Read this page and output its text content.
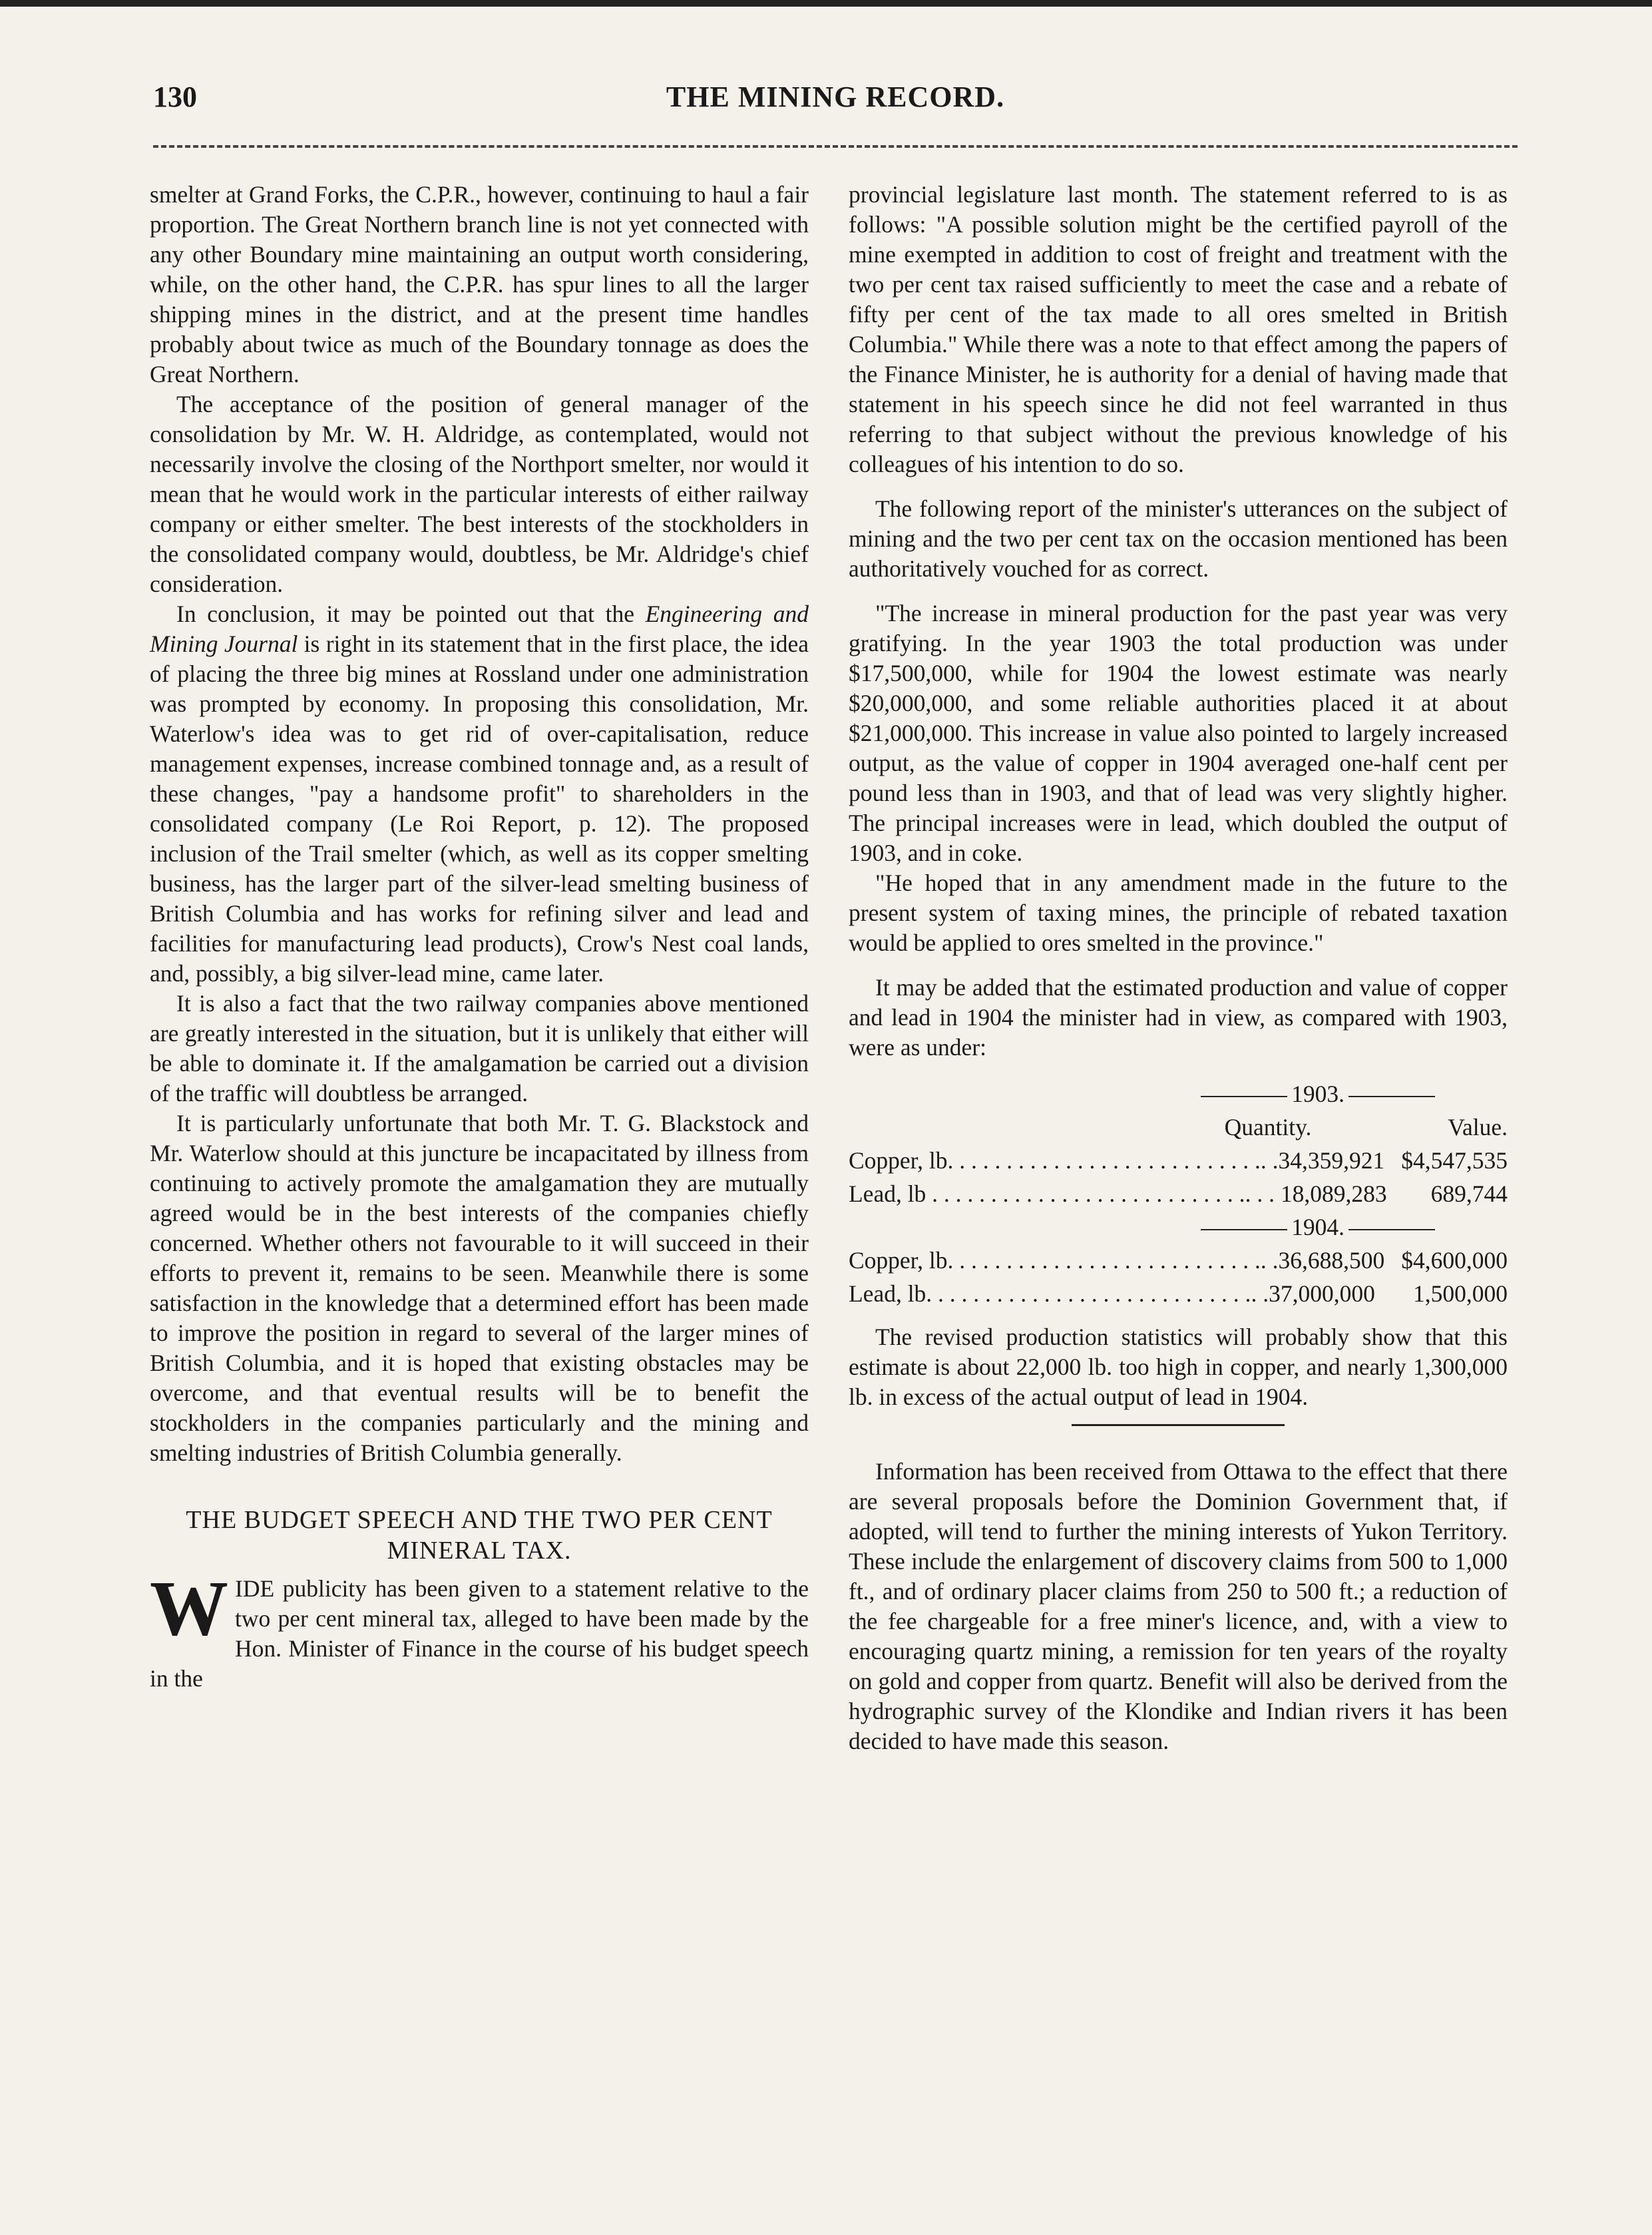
130	THE MINING RECORD.

smelter at Grand Forks, the C.P.R., however, continuing to haul a fair proportion. The Great Northern branch line is not yet connected with any other Boundary mine maintaining an output worth considering, while, on the other hand, the C.P.R. has spur lines to all the larger shipping mines in the district, and at the present time handles probably about twice as much of the Boundary tonnage as does the Great Northern.

The acceptance of the position of general manager of the consolidation by Mr. W. H. Aldridge, as contemplated, would not necessarily involve the closing of the Northport smelter, nor would it mean that he would work in the particular interests of either railway company or either smelter. The best interests of the stockholders in the consolidated company would, doubtless, be Mr. Aldridge's chief consideration.

In conclusion, it may be pointed out that the Engineering and Mining Journal is right in its statement that in the first place, the idea of placing the three big mines at Rossland under one administration was prompted by economy. In proposing this consolidation, Mr. Waterlow's idea was to get rid of over-capitalisation, reduce management expenses, increase combined tonnage and, as a result of these changes, "pay a handsome profit" to shareholders in the consolidated company (Le Roi Report, p. 12). The proposed inclusion of the Trail smelter (which, as well as its copper smelting business, has the larger part of the silver-lead smelting business of British Columbia and has works for refining silver and lead and facilities for manufacturing lead products), Crow's Nest coal lands, and, possibly, a big silver-lead mine, came later.

It is also a fact that the two railway companies above mentioned are greatly interested in the situation, but it is unlikely that either will be able to dominate it. If the amalgamation be carried out a division of the traffic will doubtless be arranged.

It is particularly unfortunate that both Mr. T. G. Blackstock and Mr. Waterlow should at this juncture be incapacitated by illness from continuing to actively promote the amalgamation they are mutually agreed would be in the best interests of the companies chiefly concerned. Whether others not favourable to it will succeed in their efforts to prevent it, remains to be seen. Meanwhile there is some satisfaction in the knowledge that a determined effort has been made to improve the position in regard to several of the larger mines of British Columbia, and it is hoped that existing obstacles may be overcome, and that eventual results will be to benefit the stockholders in the companies particularly and the mining and smelting industries of British Columbia generally.

THE BUDGET SPEECH AND THE TWO PER CENT MINERAL TAX.

WIDE publicity has been given to a statement relative to the two per cent mineral tax, alleged to have been made by the Hon. Minister of Finance in the course of his budget speech in the

provincial legislature last month. The statement referred to is as follows: "A possible solution might be the certified payroll of the mine exempted in addition to cost of freight and treatment with the two per cent tax raised sufficiently to meet the case and a rebate of fifty per cent of the tax made to all ores smelted in British Columbia." While there was a note to that effect among the papers of the Finance Minister, he is authority for a denial of having made that statement in his speech since he did not feel warranted in thus referring to that subject without the previous knowledge of his colleagues of his intention to do so.

The following report of the minister's utterances on the subject of mining and the two per cent tax on the occasion mentioned has been authoritatively vouched for as correct.

"The increase in mineral production for the past year was very gratifying. In the year 1903 the total production was under $17,500,000, while for 1904 the lowest estimate was nearly $20,000,000, and some reliable authorities placed it at about $21,000,000. This increase in value also pointed to largely increased output, as the value of copper in 1904 averaged one-half cent per pound less than in 1903, and that of lead was very slightly higher. The principal increases were in lead, which doubled the output of 1903, and in coke.

"He hoped that in any amendment made in the future to the present system of taxing mines, the principle of rebated taxation would be applied to ores smelted in the province."

It may be added that the estimated production and value of copper and lead in 1904 the minister had in view, as compared with 1903, were as under:

1903.
Quantity.	Value.
Copper, lb. . . . . . . . . . . . . . . . . . . . . . . . . . . . .34,359,921 $4,547,535
Lead, lb . . . . . . . . . . . . . . . . . . . . . . . . . . . . . . 18,089,283	689,744
1904.
Copper, lb. . . . . . . . . . . . . . . . . . . . . . . . . . . . .36,688,500 $4,600,000
Lead, lb. . . . . . . . . . . . . . . . . . . . . . . . . . . . . .37,000,000	1,500,000

The revised production statistics will probably show that this estimate is about 22,000 lb. too high in copper, and nearly 1,300,000 lb. in excess of the actual output of lead in 1904.

Information has been received from Ottawa to the effect that there are several proposals before the Dominion Government that, if adopted, will tend to further the mining interests of Yukon Territory. These include the enlargement of discovery claims from 500 to 1,000 ft., and of ordinary placer claims from 250 to 500 ft.; a reduction of the fee chargeable for a free miner's licence, and, with a view to encouraging quartz mining, a remission for ten years of the royalty on gold and copper from quartz. Benefit will also be derived from the hydrographic survey of the Klondike and Indian rivers it has been decided to have made this season.
